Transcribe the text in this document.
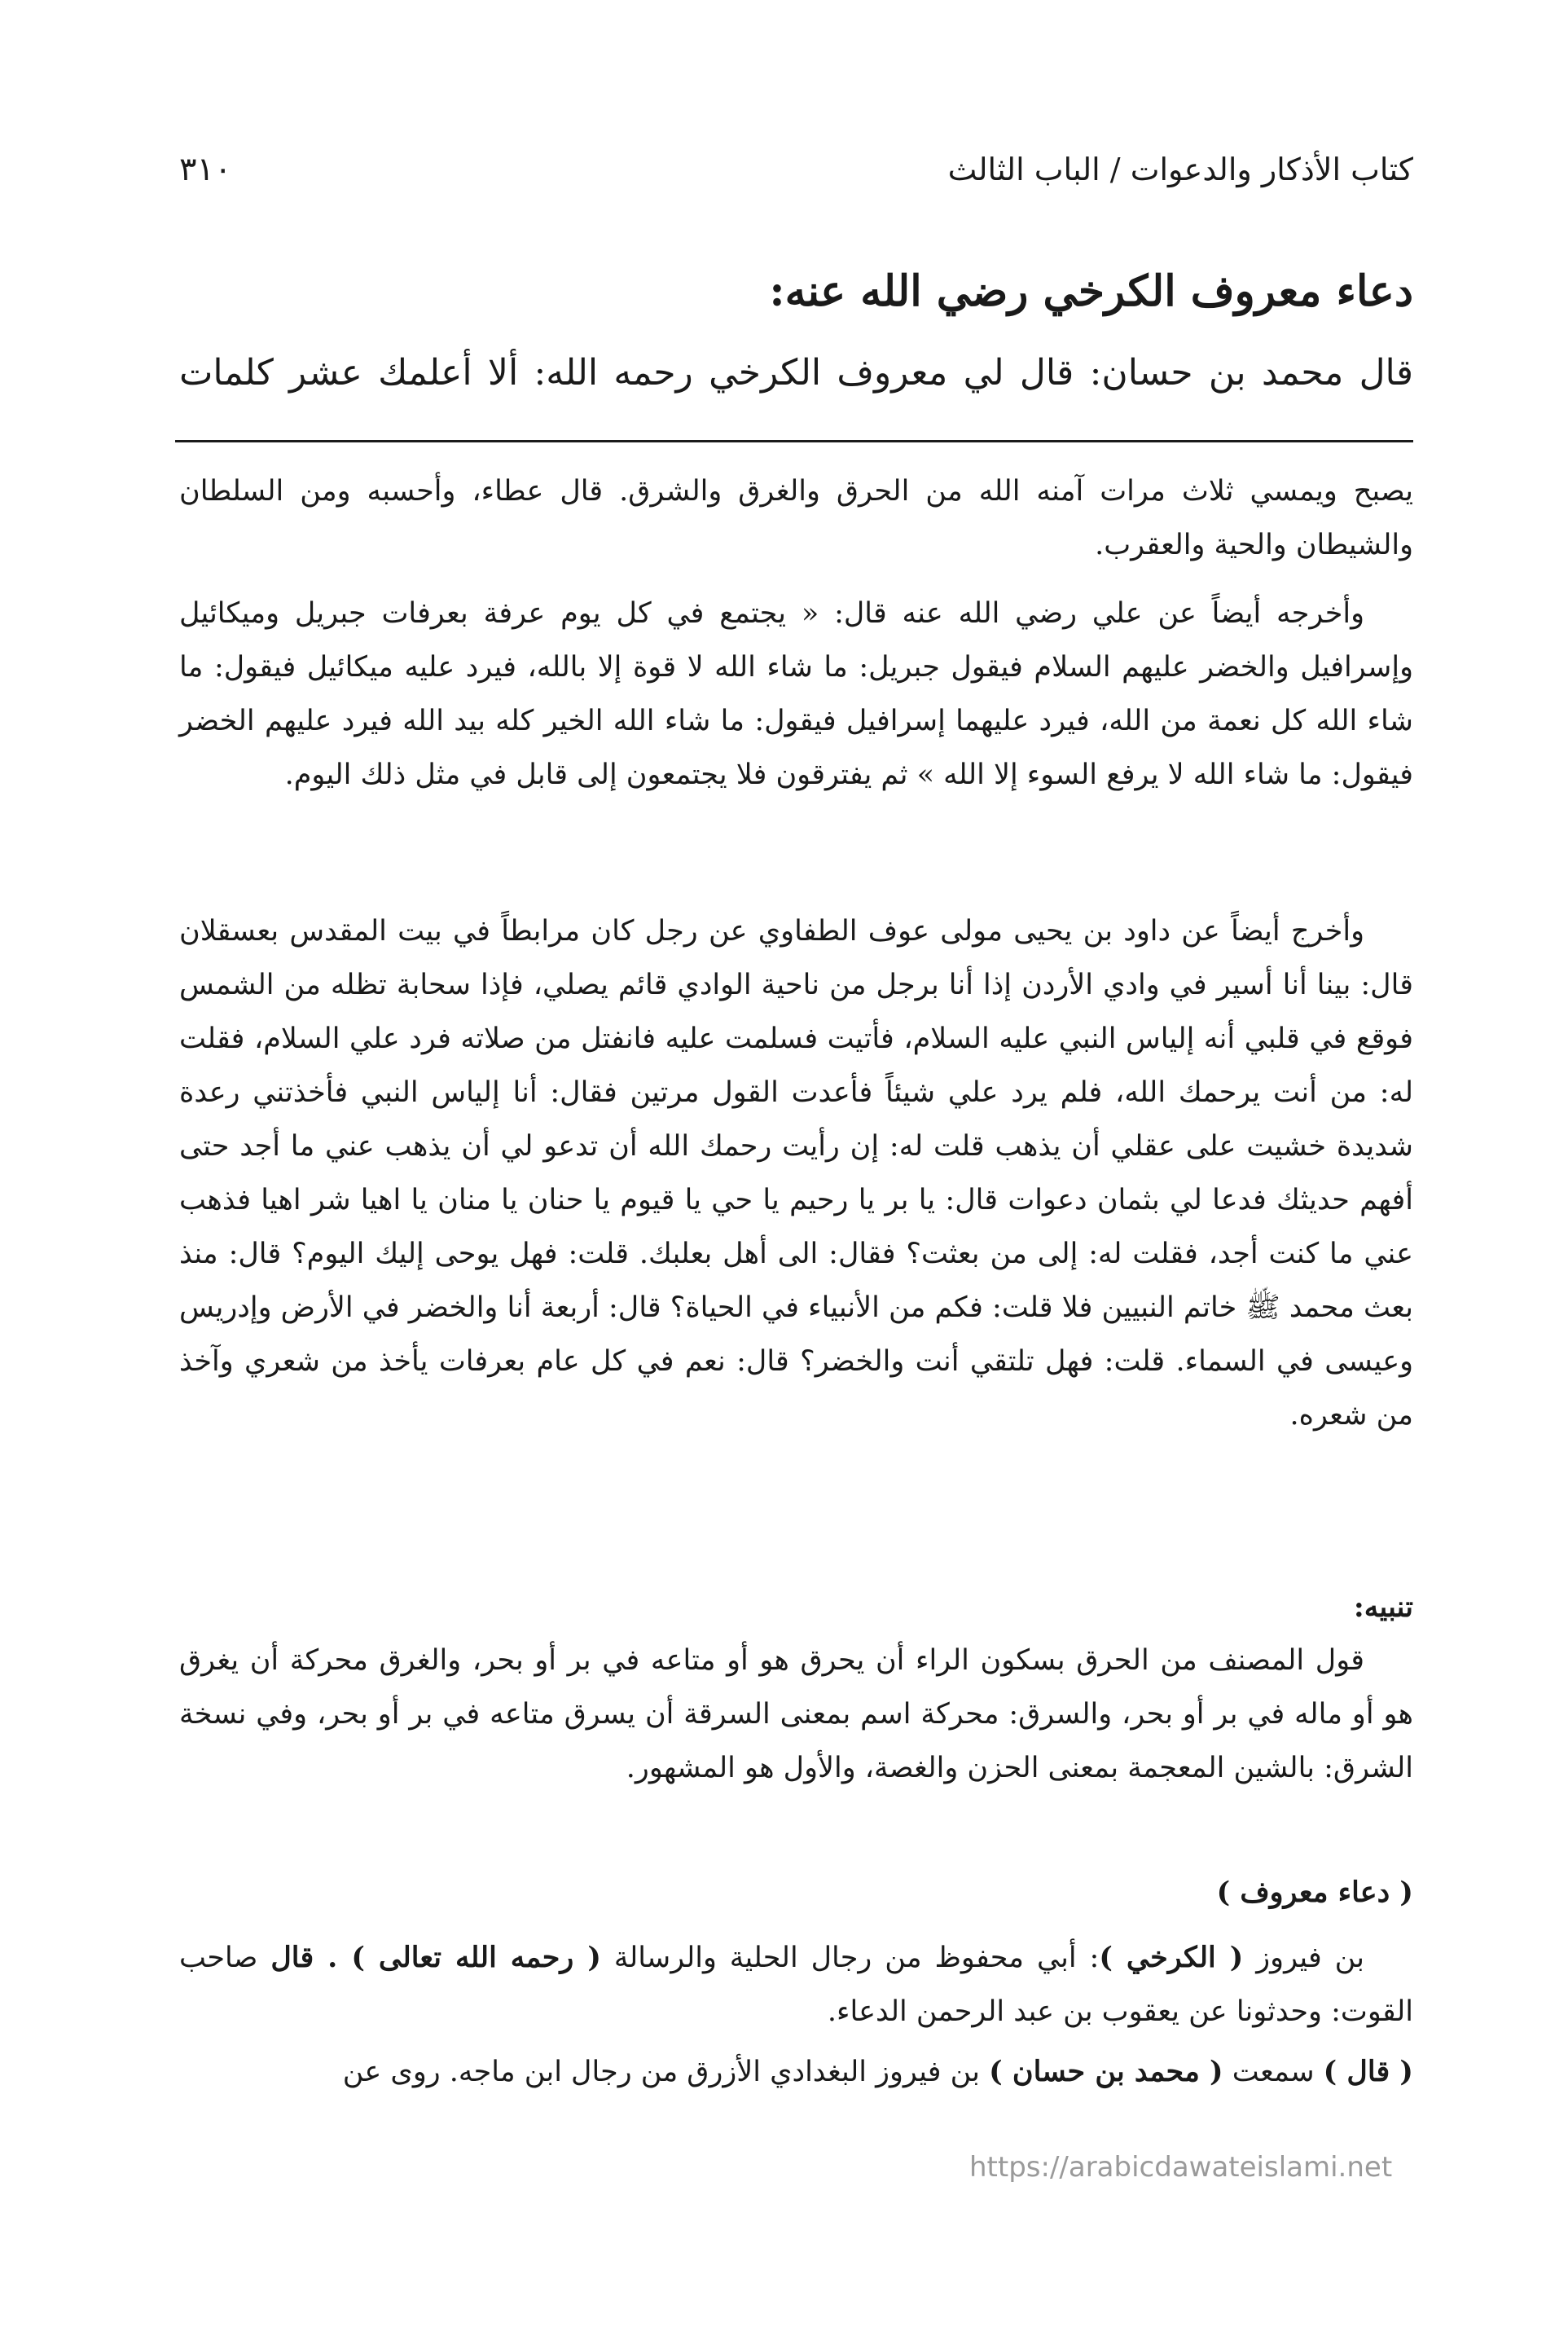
كتاب الأذكار والدعوات / الباب الثالث
٣١٠
دعاء معروف الكرخي رضي الله عنه:

قال محمد بن حسان: قال لي معروف الكرخي رحمه الله: ألا أعلمك عشر كلمات

يصبح ويمسي ثلاث مرات آمنه الله من الحرق والغرق والشرق. قال عطاء، وأحسبه ومن السلطان والشيطان والحية والعقرب.

وأخرجه أيضاً عن علي رضي الله عنه قال: « يجتمع في كل يوم عرفة بعرفات جبريل وميكائيل وإسرافيل والخضر عليهم السلام فيقول جبريل: ما شاء الله لا قوة إلا بالله، فيرد عليه ميكائيل فيقول: ما شاء الله كل نعمة من الله، فيرد عليهما إسرافيل فيقول: ما شاء الله الخير كله بيد الله فيرد عليهم الخضر فيقول: ما شاء الله لا يرفع السوء إلا الله » ثم يفترقون فلا يجتمعون إلى قابل في مثل ذلك اليوم.

وأخرج أيضاً عن داود بن يحيى مولى عوف الطفاوي عن رجل كان مرابطاً في بيت المقدس بعسقلان قال: بينا أنا أسير في وادي الأردن إذا أنا برجل من ناحية الوادي قائم يصلي، فإذا سحابة تظله من الشمس فوقع في قلبي أنه إلياس النبي عليه السلام، فأتيت فسلمت عليه فانفتل من صلاته فرد علي السلام، فقلت له: من أنت يرحمك الله، فلم يرد علي شيئاً فأعدت القول مرتين فقال: أنا إلياس النبي فأخذتني رعدة شديدة خشيت على عقلي أن يذهب قلت له: إن رأيت رحمك الله أن تدعو لي أن يذهب عني ما أجد حتى أفهم حديثك فدعا لي بثمان دعوات قال: يا بر يا رحيم يا حي يا قيوم يا حنان يا منان يا اهيا شر اهيا فذهب عني ما كنت أجد، فقلت له: إلى من بعثت؟ فقال: الى أهل بعلبك. قلت: فهل يوحى إليك اليوم؟ قال: منذ بعث محمد ﷺ خاتم النبيين فلا قلت: فكم من الأنبياء في الحياة؟ قال: أربعة أنا والخضر في الأرض وإدريس وعيسى في السماء. قلت: فهل تلتقي أنت والخضر؟ قال: نعم في كل عام بعرفات يأخذ من شعري وآخذ من شعره.

تنبيه:

قول المصنف من الحرق بسكون الراء أن يحرق هو أو متاعه في بر أو بحر، والغرق محركة أن يغرق هو أو ماله في بر أو بحر، والسرق: محركة اسم بمعنى السرقة أن يسرق متاعه في بر أو بحر، وفي نسخة الشرق: بالشين المعجمة بمعنى الحزن والغصة، والأول هو المشهور.

( دعاء معروف )

بن فيروز ( الكرخي ): أبي محفوظ من رجال الحلية والرسالة ( رحمه الله تعالى ) . قال صاحب القوت: وحدثونا عن يعقوب بن عبد الرحمن الدعاء.

( قال ) سمعت ( محمد بن حسان ) بن فيروز البغدادي الأزرق من رجال ابن ماجه. روى عن

https://arabicdawateislami.net
